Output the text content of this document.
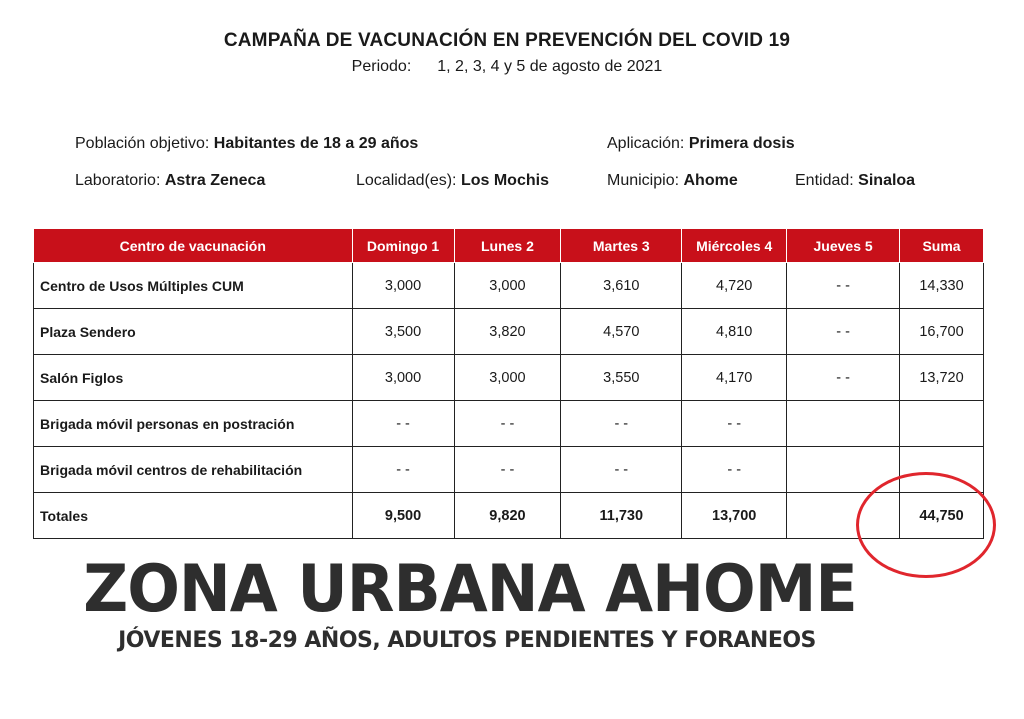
CAMPAÑA DE VACUNACIÓN EN PREVENCIÓN DEL COVID 19
Periodo: 1, 2, 3, 4 y 5 de agosto de 2021
Población objetivo: Habitantes de 18 a 29 años	Aplicación: Primera dosis
Laboratorio: Astra Zeneca	Localidad(es): Los Mochis	Municipio: Ahome	Entidad: Sinaloa
Centro de vacunación	Domingo 1	Lunes 2	Martes 3	Miércoles 4	Jueves 5	Suma
Centro de Usos Múltiples CUM	3,000	3,000	3,610	4,720	- -	14,330
Plaza Sendero	3,500	3,820	4,570	4,810	- -	16,700
Salón Figlos	3,000	3,000	3,550	4,170	- -	13,720
Brigada móvil personas en postración	- -	- -	- -	- -		
Brigada móvil centros de rehabilitación	- -	- -	- -	- -		
Totales	9,500	9,820	11,730	13,700		44,750
ZONA URBANA AHOME
JÓVENES 18-29 AÑOS, ADULTOS PENDIENTES Y FORANEOS
